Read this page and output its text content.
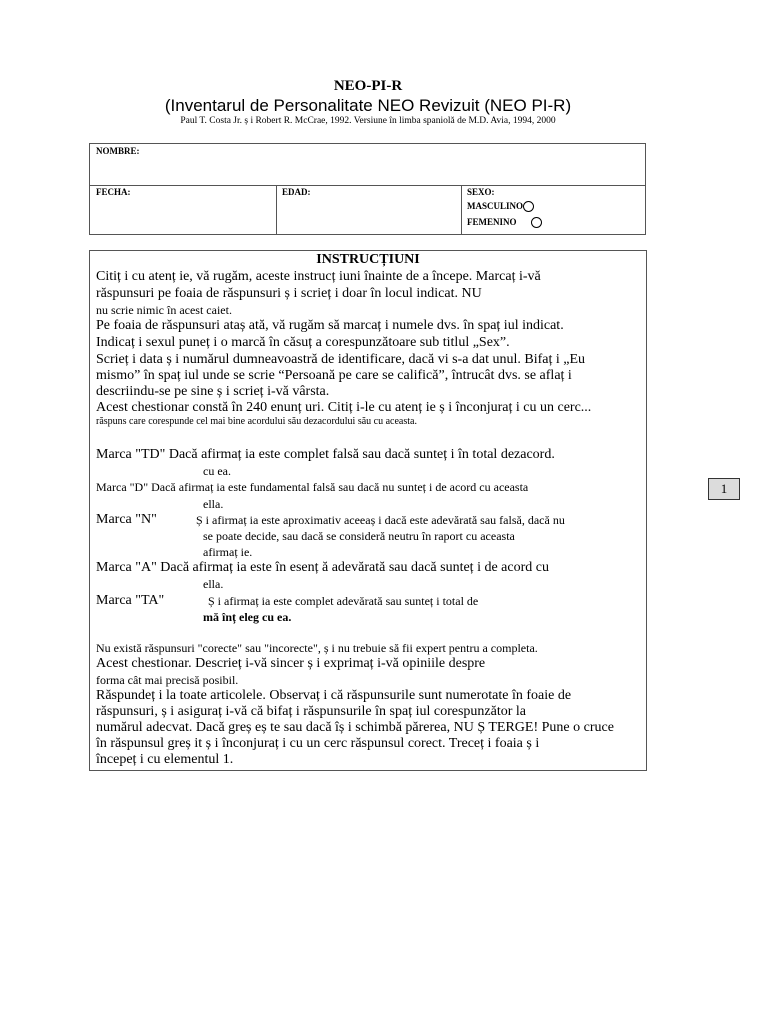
NEO-PI-R
(Inventarul de Personalitate NEO Revizuit (NEO PI-R)
Paul T. Costa Jr. ș i Robert R. McCrae, 1992. Versiune în limba spaniolă de M.D. Avia, 1994, 2000
NOMBRE:
FECHA:	EDAD:	SEXO:
MASCULINO
FEMENINO
INSTRUCȚIUNI
Citiț i cu atenț ie, vă rugăm, aceste instrucț iuni înainte de a începe. Marcaț i-vă
răspunsuri pe foaia de răspunsuri ș i scrieț i doar în locul indicat. NU
nu scrie nimic în acest caiet.
Pe foaia de răspunsuri ataș ată, vă rugăm să marcaț i numele dvs. în spaț iul indicat.
Indicaț i sexul puneț i o marcă în căsuț a corespunzătoare sub titlul „Sex”.
Scrieț i data ș i numărul dumneavoastră de identificare, dacă vi s-a dat unul. Bifaț i „Eu
mismo” în spaț iul unde se scrie “Persoană pe care se califică”, întrucât dvs. se aflaț i
descriindu-se pe sine ș i scrieț i-vă vârsta.
Acest chestionar constă în 240 enunț uri. Citiț i-le cu atenț ie ș i înconjuraț i cu un cerc...
răspuns care corespunde cel mai bine acordului său dezacordului său cu aceasta.
Marca "TD" Dacă afirmaț ia este complet falsă sau dacă sunteț i în total dezacord.
cu ea.
Marca "D" Dacă afirmaț ia este fundamental falsă sau dacă nu sunteț i de acord cu aceasta
ella.
Marca "N"	Ș i afirmaț ia este aproximativ aceeaș i dacă este adevărată sau falsă, dacă nu
se poate decide, sau dacă se consideră neutru în raport cu aceasta
afirmaț ie.
Marca "A" Dacă afirmaț ia este în esenț ă adevărată sau dacă sunteț i de acord cu
ella.
Marca "TA"	Ș i afirmaț ia este complet adevărată sau sunteț i total de
mă înț eleg cu ea.
Nu există răspunsuri "corecte" sau "incorecte", ș i nu trebuie să fii expert pentru a completa.
Acest chestionar. Descrieț i-vă sincer ș i exprimaț i-vă opiniile despre
forma cât mai precisă posibil.
Răspundeț i la toate articolele. Observaț i că răspunsurile sunt numerotate în foaie de
răspunsuri, ș i asiguraț i-vă că bifaț i răspunsurile în spaț iul corespunzător la
numărul adecvat. Dacă greș eș te sau dacă îș i schimbă părerea, NU Ș TERGE! Pune o cruce
în răspunsul greș it ș i înconjuraț i cu un cerc răspunsul corect. Treceț i foaia ș i
începeț i cu elementul 1.
1
